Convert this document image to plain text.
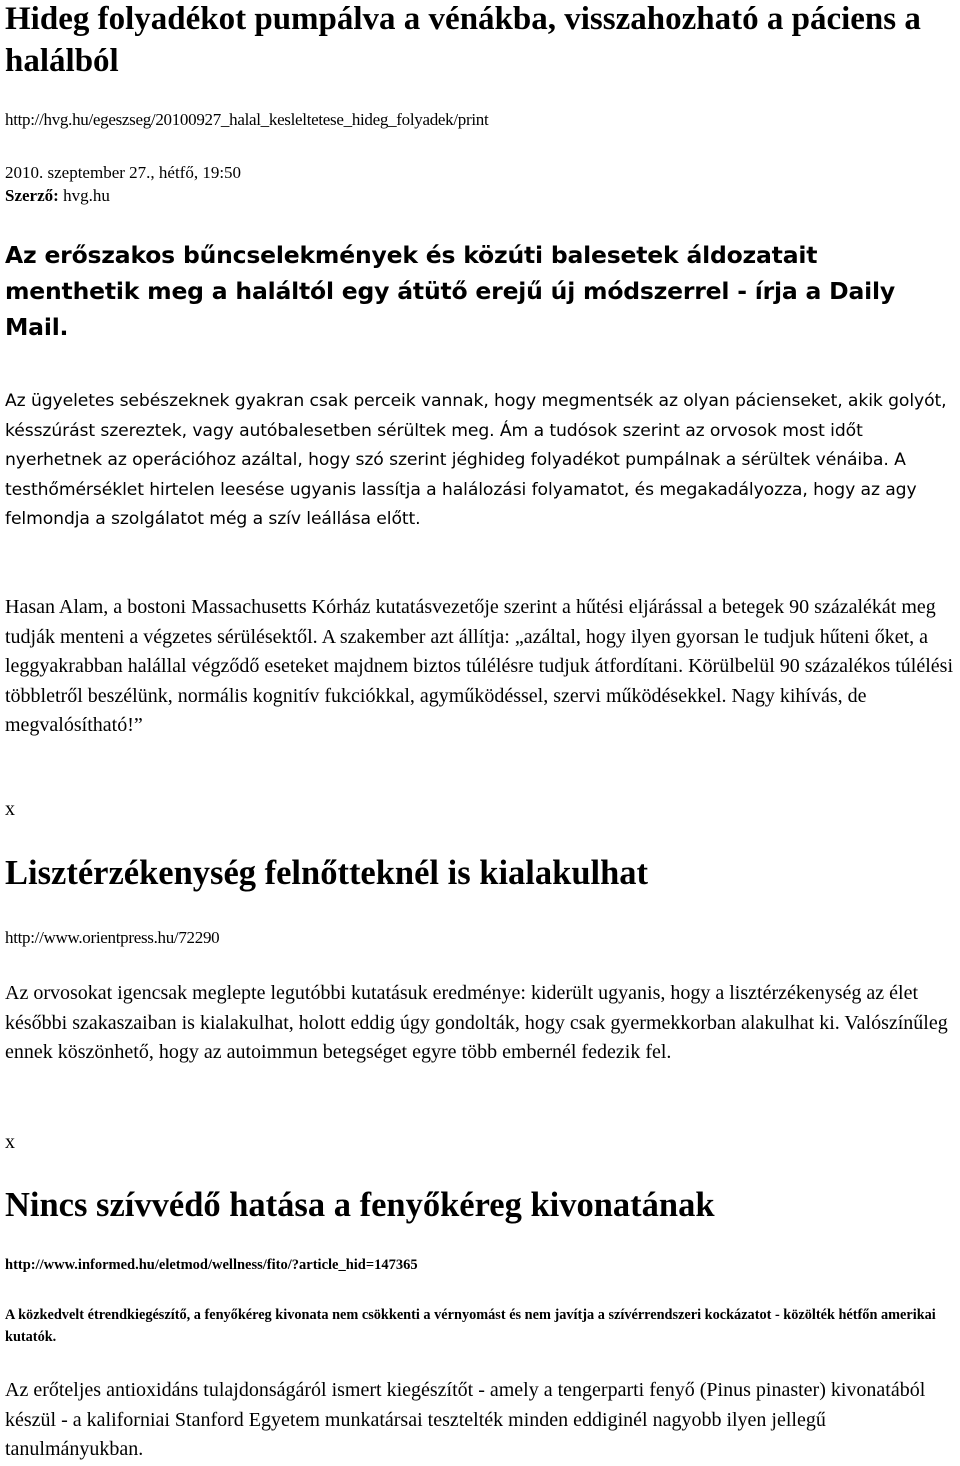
Hideg folyadékot pumpálva a vénákba, visszahozható a páciens a halálból
http://hvg.hu/egeszseg/20100927_halal_kesleltetese_hideg_folyadek/print
2010. szeptember 27., hétfő, 19:50
Szerző: hvg.hu

Az erőszakos bűncselekmények és közúti balesetek áldozatait menthetik meg a haláltól egy átütő erejű új módszerrel - írja a Daily Mail.

Az ügyeletes sebészeknek gyakran csak perceik vannak, hogy megmentsék az olyan pácienseket, akik golyót, késszúrást szereztek, vagy autóbalesetben sérültek meg. Ám a tudósok szerint az orvosok most időt nyerhetnek az operációhoz azáltal, hogy szó szerint jéghideg folyadékot pumpálnak a sérültek vénáiba. A testhőmérséklet hirtelen leesése ugyanis lassítja a halálozási folyamatot, és megakadályozza, hogy az agy felmondja a szolgálatot még a szív leállása előtt.

Hasan Alam, a bostoni Massachusetts Kórház kutatásvezetője szerint a hűtési eljárással a betegek 90 százalékát meg tudják menteni a végzetes sérülésektől. A szakember azt állítja: „azáltal, hogy ilyen gyorsan le tudjuk hűteni őket, a leggyakrabban halállal végződő eseteket majdnem biztos túlélésre tudjuk átfordítani. Körülbelül 90 százalékos túlélési többletről beszélünk, normális kognitív fukciókkal, agyműködéssel, szervi működésekkel. Nagy kihívás, de megvalósítható!”

x
Lisztérzékenység felnőtteknél is kialakulhat
http://www.orientpress.hu/72290

Az orvosokat igencsak meglepte legutóbbi kutatásuk eredménye: kiderült ugyanis, hogy a lisztérzékenység az élet későbbi szakaszaiban is kialakulhat, holott eddig úgy gondolták, hogy csak gyermekkorban alakulhat ki. Valószínűleg ennek köszönhető, hogy az autoimmun betegséget egyre több embernél fedezik fel.

x
Nincs szívvédő hatása a fenyőkéreg kivonatának
http://www.informed.hu/eletmod/wellness/fito/?article_hid=147365

A közkedvelt étrendkiegészítő, a fenyőkéreg kivonata nem csökkenti a vérnyomást és nem javítja a szívérrendszeri kockázatot - közölték hétfőn amerikai kutatók.

Az erőteljes antioxidáns tulajdonságáról ismert kiegészítőt - amely a tengerparti fenyő (Pinus pinaster) kivonatából készül - a kaliforniai Stanford Egyetem munkatársai tesztelték minden eddiginél nagyobb ilyen jellegű tanulmányukban.
